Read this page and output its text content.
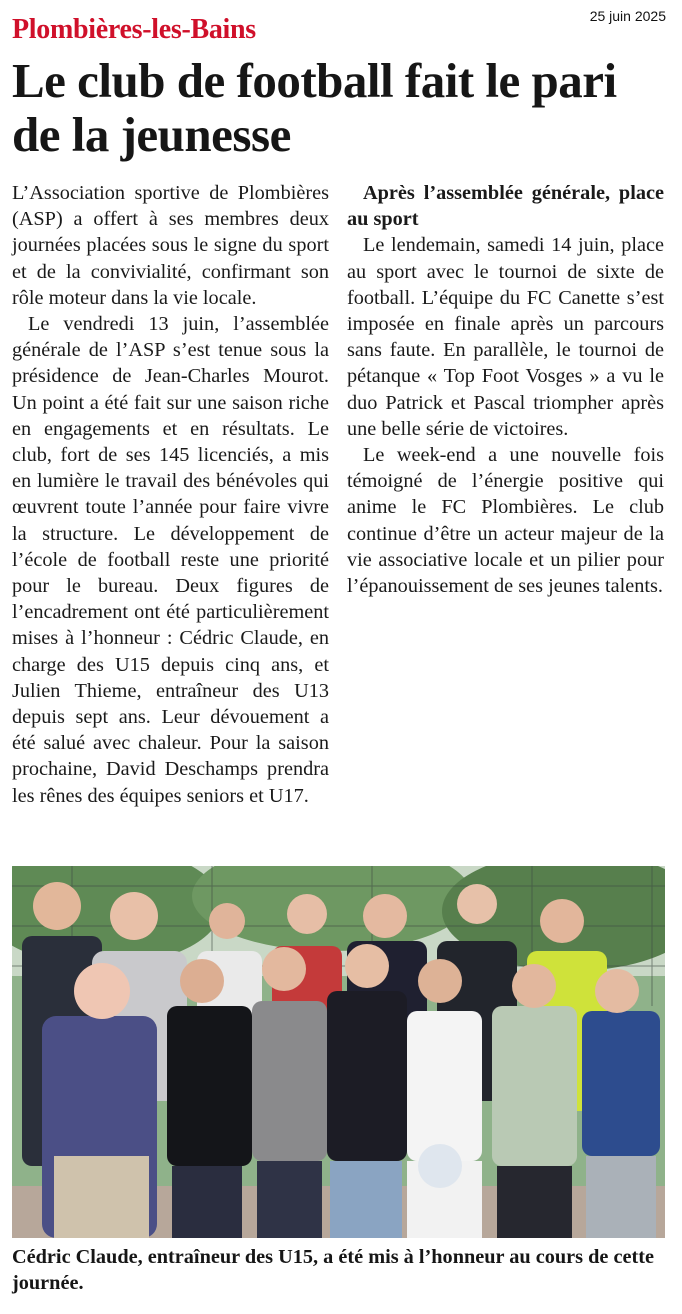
25 juin 2025
Plombières-les-Bains
Le club de football fait le pari de la jeunesse

L’Association sportive de Plombières (ASP) a offert à ses membres deux journées placées sous le signe du sport et de la convivialité, confirmant son rôle moteur dans la vie locale.

Le vendredi 13 juin, l’assemblée générale de l’ASP s’est tenue sous la présidence de Jean-Charles Mourot. Un point a été fait sur une saison riche en engagements et en résultats. Le club, fort de ses 145 licenciés, a mis en lumière le travail des bénévoles qui œuvrent toute l’année pour faire vivre la structure. Le développement de l’école de football reste une priorité pour le bureau. Deux figures de l’encadrement ont été particulièrement mises à l’honneur : Cédric Claude, en charge des U15 depuis cinq ans, et Julien Thieme, entraîneur des U13 depuis sept ans. Leur dévouement a été salué avec chaleur. Pour la saison prochaine, David Deschamps prendra les rênes des équipes seniors et U17.

Après l’assemblée générale, place au sport

Le lendemain, samedi 14 juin, place au sport avec le tournoi de sixte de football. L’équipe du FC Canette s’est imposée en finale après un parcours sans faute. En parallèle, le tournoi de pétanque « Top Foot Vosges » a vu le duo Patrick et Pascal triompher après une belle série de victoires.

Le week-end a une nouvelle fois témoigné de l’énergie positive qui anime le FC Plombières. Le club continue d’être un acteur majeur de la vie associative locale et un pilier pour l’épanouissement de ses jeunes talents.

Cédric Claude, entraîneur des U15, a été mis à l’honneur au cours de cette journée.
